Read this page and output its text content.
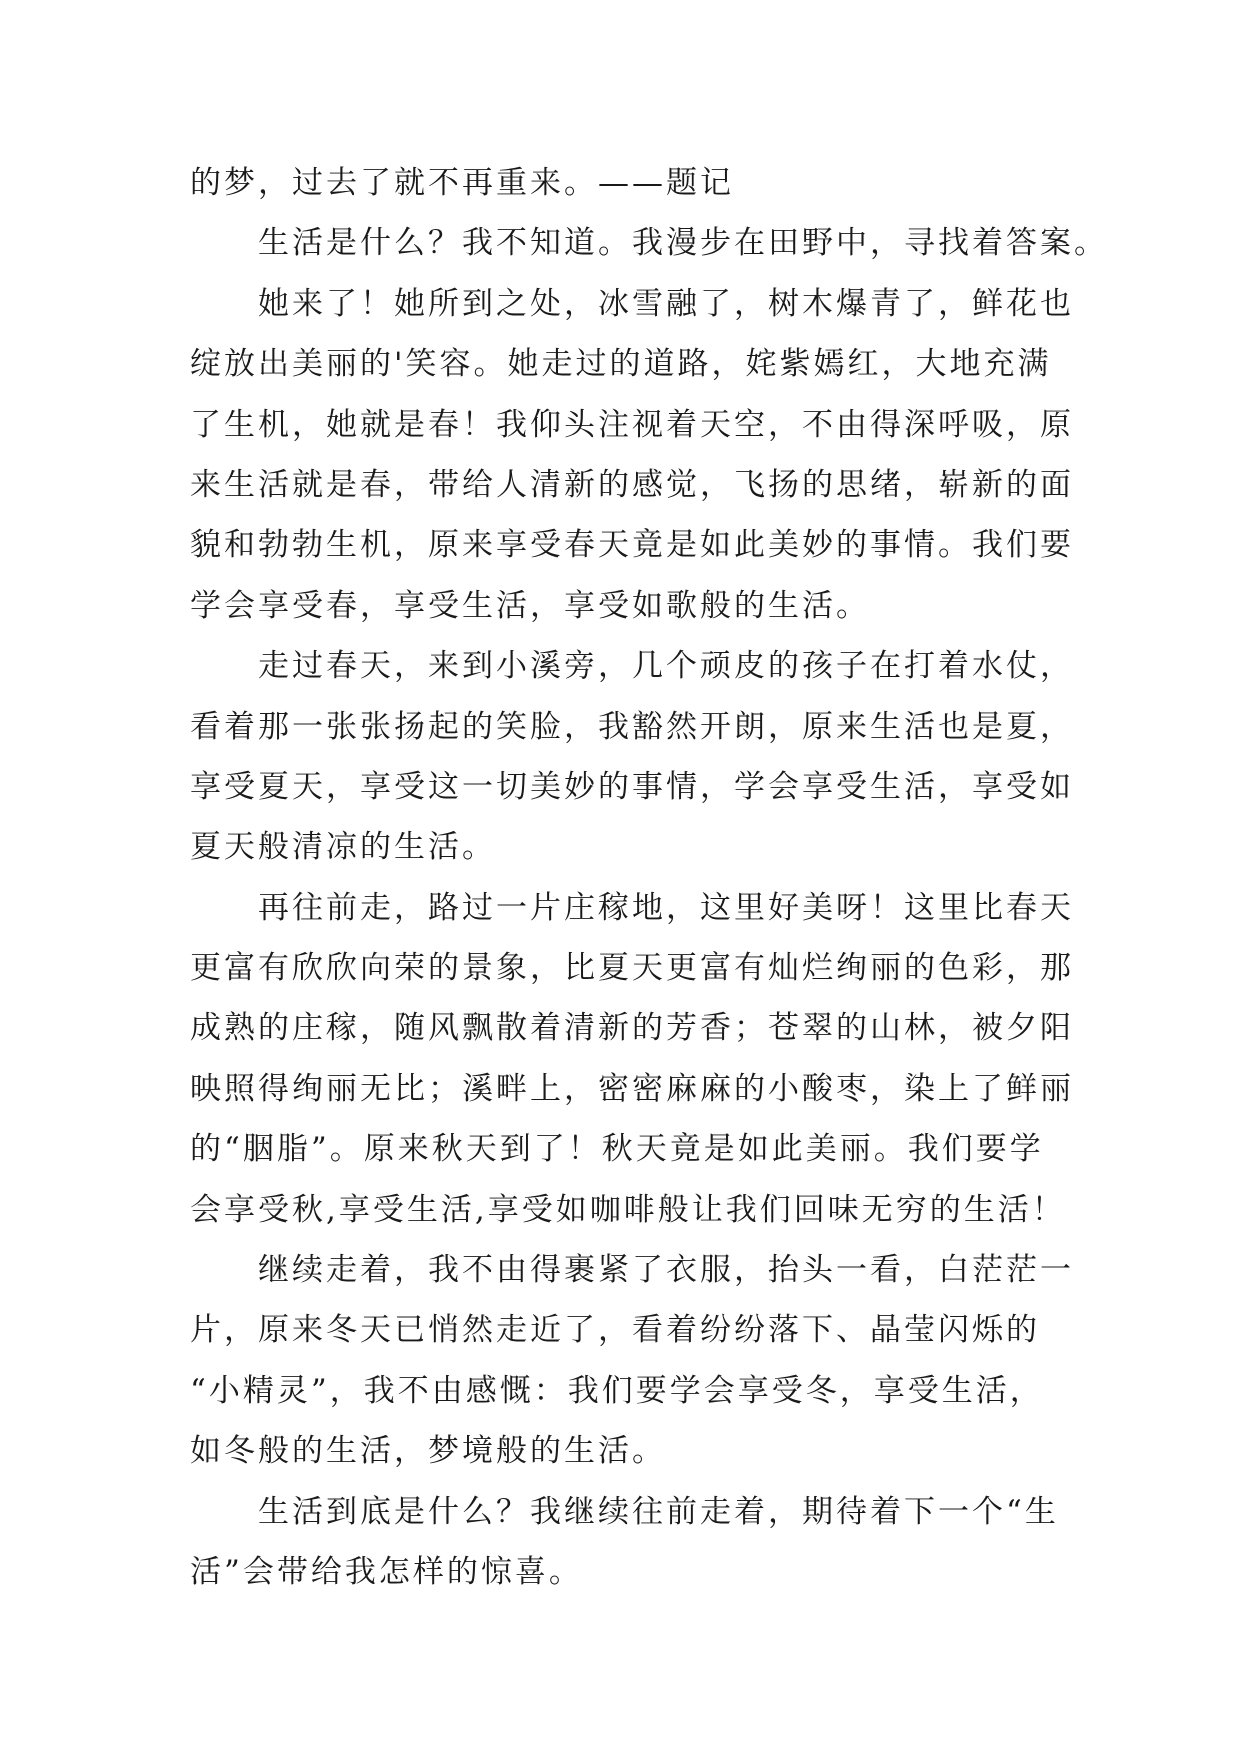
的梦，过去了就不再重来。——题记
生活是什么？我不知道。我漫步在田野中，寻找着答案。
她来了！她所到之处，冰雪融了，树木爆青了，鲜花也
绽放出美丽的'笑容。她走过的道路，姹紫嫣红，大地充满
了生机，她就是春！我仰头注视着天空，不由得深呼吸，原
来生活就是春，带给人清新的感觉，飞扬的思绪，崭新的面
貌和勃勃生机，原来享受春天竟是如此美妙的事情。我们要
学会享受春，享受生活，享受如歌般的生活。
走过春天，来到小溪旁，几个顽皮的孩子在打着水仗，
看着那一张张扬起的笑脸，我豁然开朗，原来生活也是夏，
享受夏天，享受这一切美妙的事情，学会享受生活，享受如
夏天般清凉的生活。
再往前走，路过一片庄稼地，这里好美呀！这里比春天
更富有欣欣向荣的景象，比夏天更富有灿烂绚丽的色彩，那
成熟的庄稼，随风飘散着清新的芳香；苍翠的山林，被夕阳
映照得绚丽无比；溪畔上，密密麻麻的小酸枣，染上了鲜丽
的“胭脂”。原来秋天到了！秋天竟是如此美丽。我们要学
会享受秋,享受生活,享受如咖啡般让我们回味无穷的生活！
继续走着，我不由得裹紧了衣服，抬头一看，白茫茫一
片，原来冬天已悄然走近了，看着纷纷落下、晶莹闪烁的
“小精灵”，我不由感慨：我们要学会享受冬，享受生活，
如冬般的生活，梦境般的生活。
生活到底是什么？我继续往前走着，期待着下一个“生
活”会带给我怎样的惊喜。
